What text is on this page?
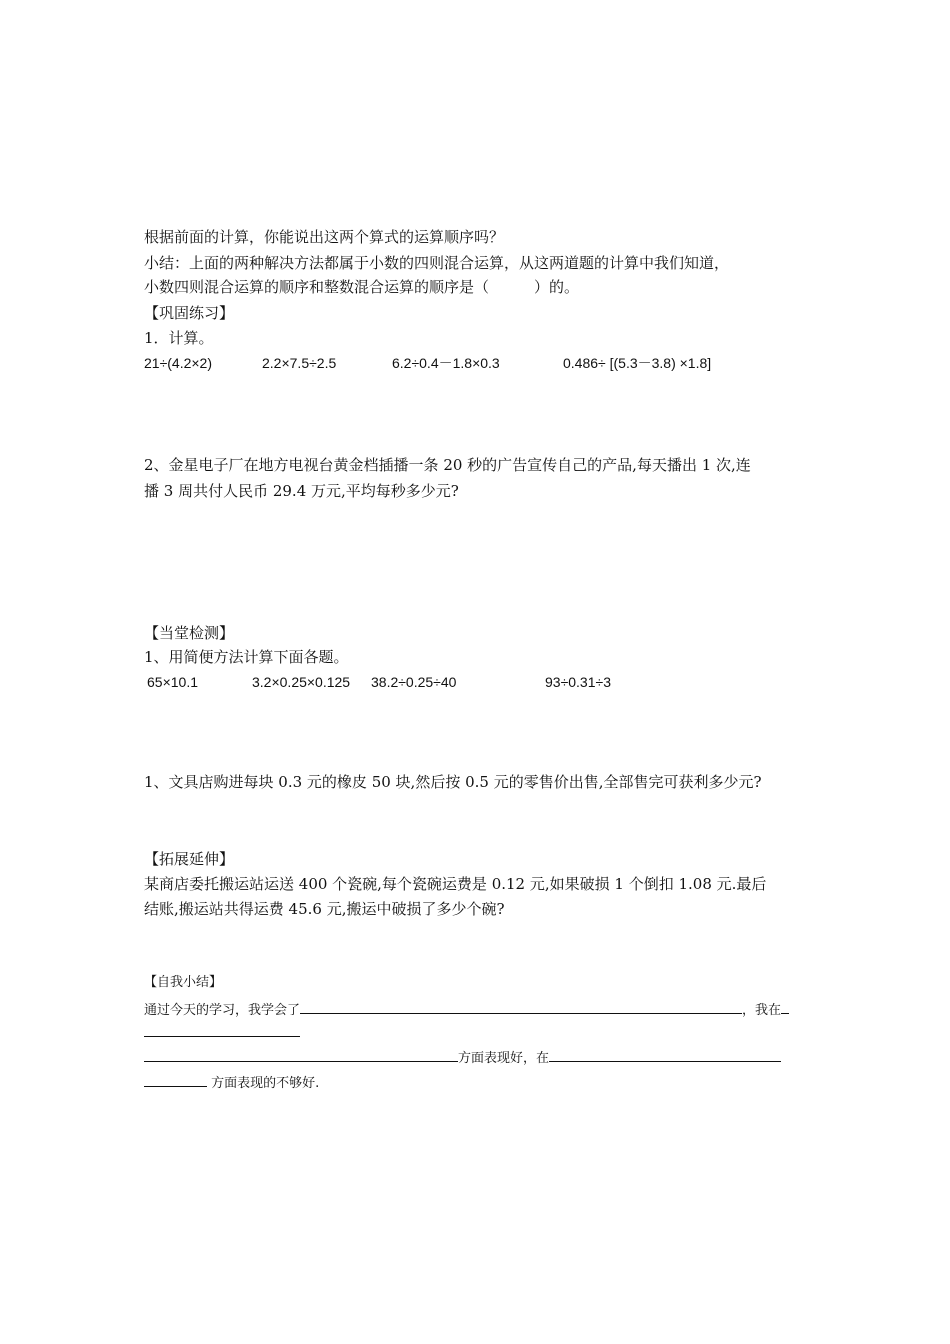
根据前面的计算，你能说出这两个算式的运算顺序吗？
小结：上面的两种解决方法都属于小数的四则混合运算，从这两道题的计算中我们知道，
小数四则混合运算的顺序和整数混合运算的顺序是（　　　）的。
【巩固练习】
1．计算。
21÷(4.2×2)	2.2×7.5÷2.5	6.2÷0.4－1.8×0.3	0.486÷ [(5.3－3.8) ×1.8]
2、金星电子厂在地方电视台黄金档插播一条 20 秒的广告宣传自己的产品,每天播出 1 次,连
播 3 周共付人民币 29.4 万元,平均每秒多少元?
【当堂检测】
1、用简便方法计算下面各题。
65×10.1	3.2×0.25×0.125 38.2÷0.25÷40	93÷0.31÷3
1、文具店购进每块 0.3 元的橡皮 50 块,然后按 0.5 元的零售价出售,全部售完可获利多少元?
【拓展延伸】
某商店委托搬运站运送 400 个瓷碗,每个瓷碗运费是 0.12 元,如果破损 1 个倒扣 1.08 元.最后
结账,搬运站共得运费 45.6 元,搬运中破损了多少个碗?
【自我小结】
通过今天的学习，我学会了	，我在
方面表现好，在
方面表现的不够好.
